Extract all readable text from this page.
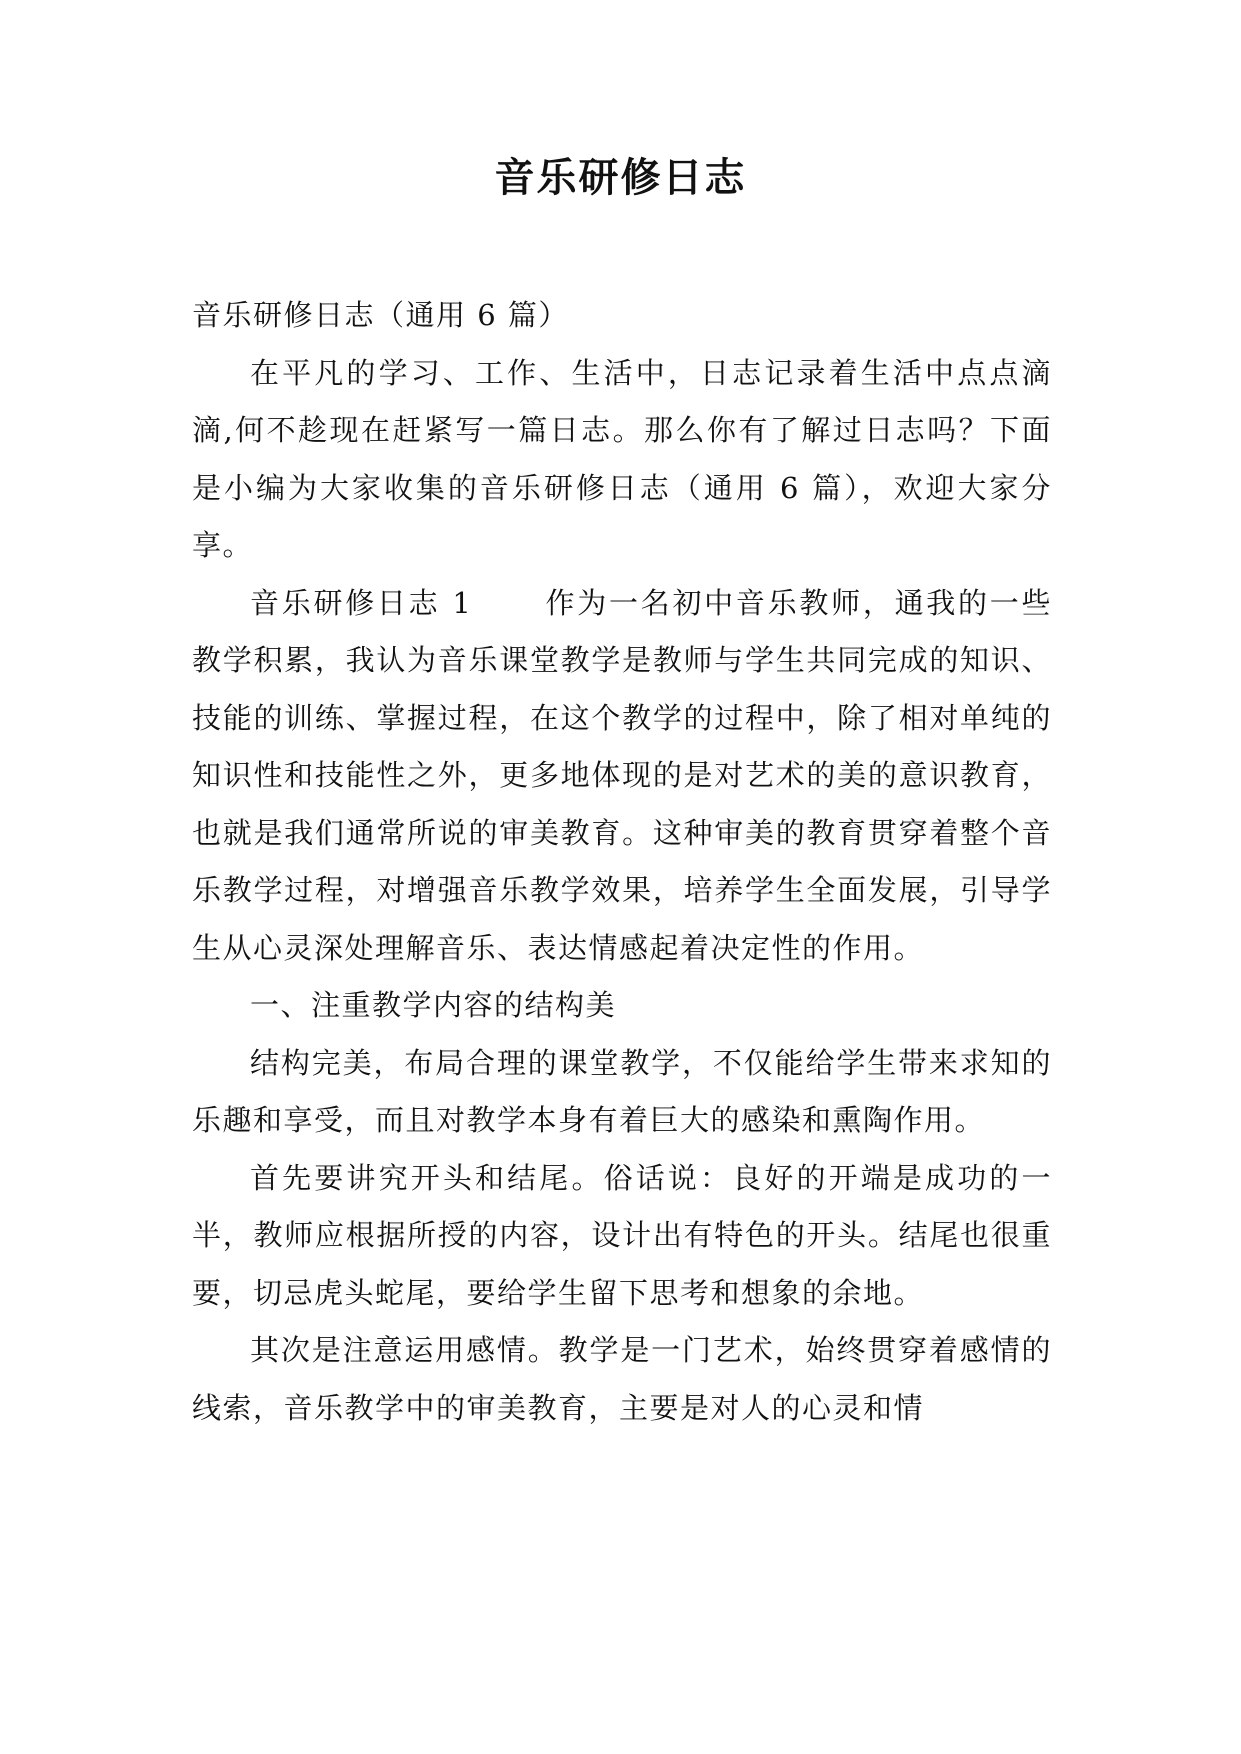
音乐研修日志

音乐研修日志（通用 6 篇）

在平凡的学习、工作、生活中，日志记录着生活中点点滴滴,何不趁现在赶紧写一篇日志。那么你有了解过日志吗？下面是小编为大家收集的音乐研修日志（通用 6 篇），欢迎大家分享。

音乐研修日志 1 作为一名初中音乐教师，通我的一些教学积累，我认为音乐课堂教学是教师与学生共同完成的知识、技能的训练、掌握过程，在这个教学的过程中，除了相对单纯的知识性和技能性之外，更多地体现的是对艺术的美的意识教育，也就是我们通常所说的审美教育。这种审美的教育贯穿着整个音乐教学过程，对增强音乐教学效果，培养学生全面发展，引导学生从心灵深处理解音乐、表达情感起着决定性的作用。

一、注重教学内容的结构美

结构完美，布局合理的课堂教学，不仅能给学生带来求知的乐趣和享受，而且对教学本身有着巨大的感染和熏陶作用。

首先要讲究开头和结尾。俗话说：良好的开端是成功的一半，教师应根据所授的内容，设计出有特色的开头。结尾也很重要，切忌虎头蛇尾，要给学生留下思考和想象的余地。

其次是注意运用感情。教学是一门艺术，始终贯穿着感情的线索，音乐教学中的审美教育，主要是对人的心灵和情
